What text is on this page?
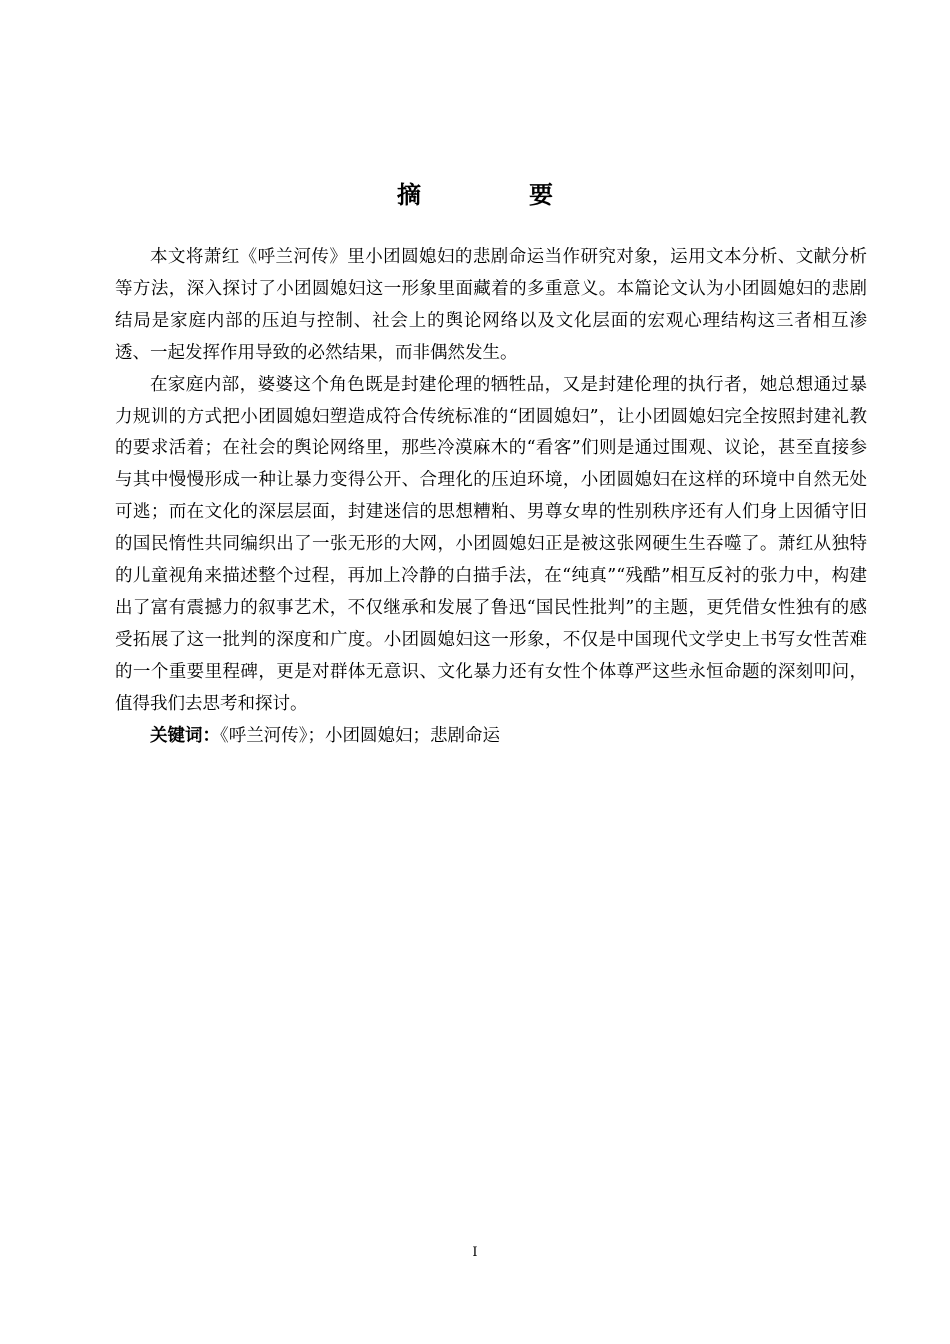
摘　要

本文将萧红《呼兰河传》里小团圆媳妇的悲剧命运当作研究对象，运用文本分析、文献分析等方法，深入探讨了小团圆媳妇这一形象里面藏着的多重意义。本篇论文认为小团圆媳妇的悲剧结局是家庭内部的压迫与控制、社会上的舆论网络以及文化层面的宏观心理结构这三者相互渗透、一起发挥作用导致的必然结果，而非偶然发生。

在家庭内部，婆婆这个角色既是封建伦理的牺牲品，又是封建伦理的执行者，她总想通过暴力规训的方式把小团圆媳妇塑造成符合传统标准的“团圆媳妇”，让小团圆媳妇完全按照封建礼教的要求活着；在社会的舆论网络里，那些冷漠麻木的“看客”们则是通过围观、议论，甚至直接参与其中慢慢形成一种让暴力变得公开、合理化的压迫环境，小团圆媳妇在这样的环境中自然无处可逃；而在文化的深层层面，封建迷信的思想糟粕、男尊女卑的性别秩序还有人们身上因循守旧的国民惰性共同编织出了一张无形的大网，小团圆媳妇正是被这张网硬生生吞噬了。萧红从独特的儿童视角来描述整个过程，再加上冷静的白描手法，在“纯真”“残酷”相互反衬的张力中，构建出了富有震撼力的叙事艺术，不仅继承和发展了鲁迅“国民性批判”的主题，更凭借女性独有的感受拓展了这一批判的深度和广度。小团圆媳妇这一形象，不仅是中国现代文学史上书写女性苦难的一个重要里程碑，更是对群体无意识、文化暴力还有女性个体尊严这些永恒命题的深刻叩问，值得我们去思考和探讨。

关键词：《呼兰河传》；小团圆媳妇；悲剧命运

I
